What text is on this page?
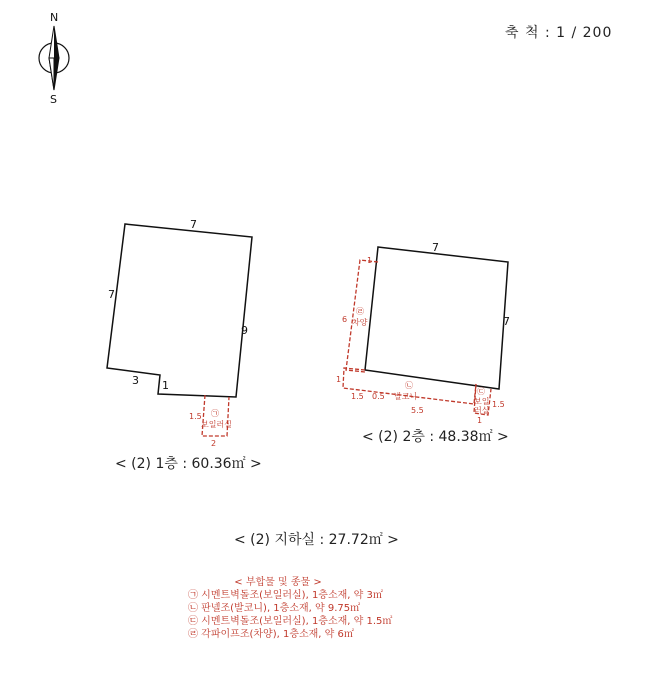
N
S
7
7
9
3 1
㉠
보일러실
1.5
2
7
7
1
6
㉣
차양
1
1.5 0.5
㉡
발코니
5.5
㉢
보일
러실
1.5
1
축 척 : 1 / 200
< (2) 1층 : 60.36㎡ >
< (2) 2층 : 48.38㎡ >
< (2) 지하실 : 27.72㎡ >
< 부합물 및 종물 >
㉠ 시멘트벽돌조(보일러실), 1층소재, 약 3㎡
㉡ 판넬조(발코니), 1층소재, 약 9.75㎡
㉢ 시멘트벽돌조(보일러실), 1층소재, 약 1.5㎡
㉣ 각파이프조(차양), 1층소재, 약 6㎡
